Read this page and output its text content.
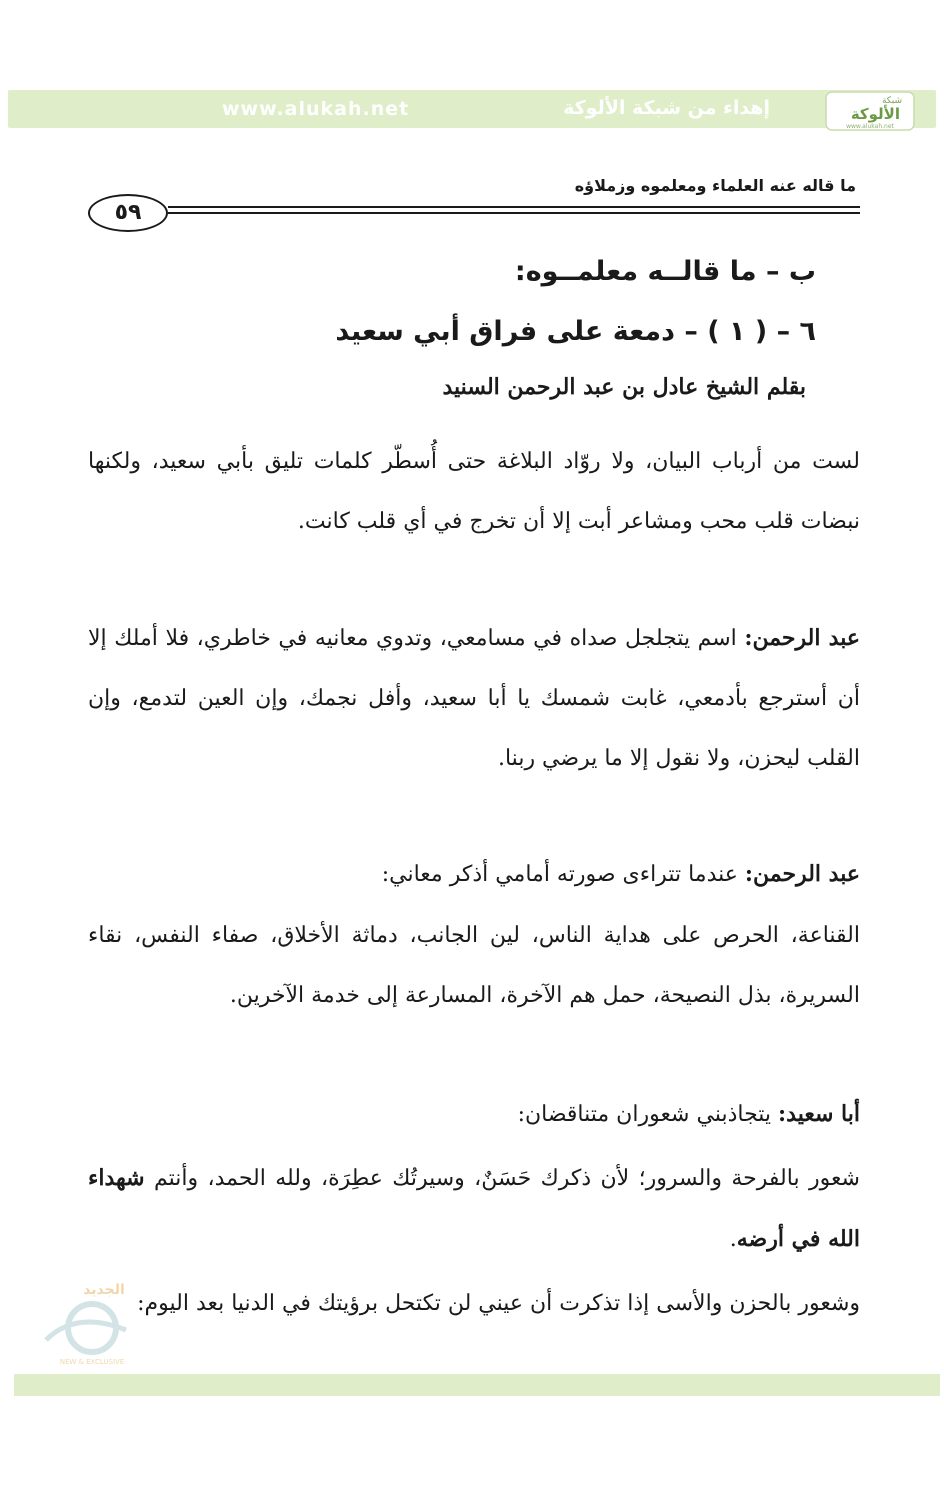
www.alukah.net	إهداء من شبكة الألوكة	شبكة
الألوكة
www.alukah.net
ما قاله عنه العلماء ومعلموه وزملاؤه
٥٩
ب – ما قالــه معلمــوه:
٦ – ( ١ ) – دمعة على فراق أبي سعيد
بقلم الشيخ عادل بن عبد الرحمن السنيد
لست من أرباب البيان، ولا روّاد البلاغة حتى أُسطّر كلمات تليق بأبي سعيد، ولكنها نبضات قلب محب ومشاعر أبت إلا أن تخرج في أي قلب كانت.
عبد الرحمن: اسم يتجلجل صداه في مسامعي، وتدوي معانيه في خاطري، فلا أملك إلا أن أسترجع بأدمعي، غابت شمسك يا أبا سعيد، وأفل نجمك، وإن العين لتدمع، وإن القلب ليحزن، ولا نقول إلا ما يرضي ربنا.
عبد الرحمن: عندما تتراءى صورته أمامي أذكر معاني:
القناعة، الحرص على هداية الناس، لين الجانب، دماثة الأخلاق، صفاء النفس، نقاء السريرة، بذل النصيحة، حمل هم الآخرة، المسارعة إلى خدمة الآخرين.
أبا سعيد: يتجاذبني شعوران متناقضان:
شعور بالفرحة والسرور؛ لأن ذكرك حَسَنٌ، وسيرتُك عطِرَة، ولله الحمد، وأنتم شهداء الله في أرضه.
وشعور بالحزن والأسى إذا تذكرت أن عيني لن تكتحل برؤيتك في الدنيا بعد اليوم:
الجديد
NEW & EXCLUSIVE
